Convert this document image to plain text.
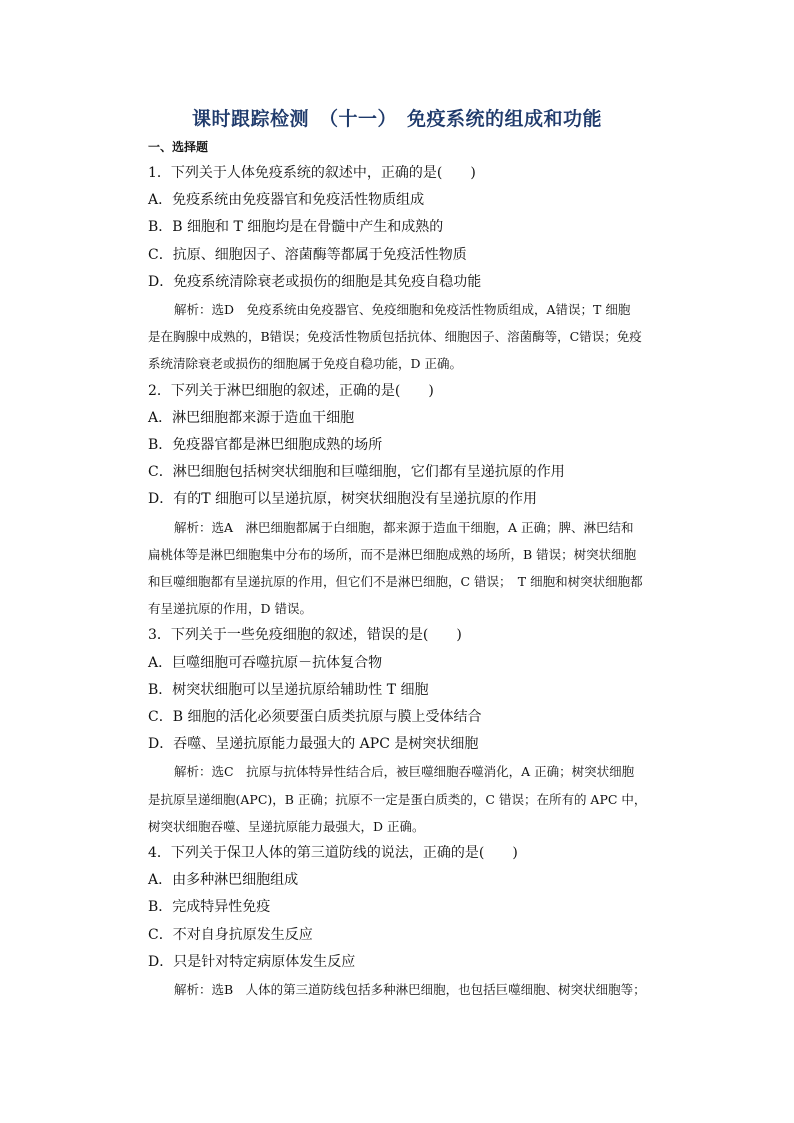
课时跟踪检测　（十一）　免疫系统的组成和功能
一、选择题
1．下列关于人体免疫系统的叙述中，正确的是(　　)
A．免疫系统由免疫器官和免疫活性物质组成
B．B 细胞和 T 细胞均是在骨髓中产生和成熟的
C．抗原、细胞因子、溶菌酶等都属于免疫活性物质
D．免疫系统清除衰老或损伤的细胞是其免疫自稳功能
解析：选D　免疫系统由免疫器官、免疫细胞和免疫活性物质组成，A错误；T 细胞
是在胸腺中成熟的，B错误；免疫活性物质包括抗体、细胞因子、溶菌酶等，C错误；免疫
系统清除衰老或损伤的细胞属于免疫自稳功能，D 正确。
2．下列关于淋巴细胞的叙述，正确的是(　　)
A．淋巴细胞都来源于造血干细胞
B．免疫器官都是淋巴细胞成熟的场所
C．淋巴细胞包括树突状细胞和巨噬细胞，它们都有呈递抗原的作用
D．有的T 细胞可以呈递抗原，树突状细胞没有呈递抗原的作用
解析：选A　淋巴细胞都属于白细胞，都来源于造血干细胞，A 正确；脾、淋巴结和
扁桃体等是淋巴细胞集中分布的场所，而不是淋巴细胞成熟的场所，B 错误；树突状细胞
和巨噬细胞都有呈递抗原的作用，但它们不是淋巴细胞，C 错误；　T 细胞和树突状细胞都
有呈递抗原的作用，D 错误。
3．下列关于一些免疫细胞的叙述，错误的是(　　)
A．巨噬细胞可吞噬抗原－抗体复合物
B．树突状细胞可以呈递抗原给辅助性 T 细胞
C．B 细胞的活化必须要蛋白质类抗原与膜上受体结合
D．吞噬、呈递抗原能力最强大的 APC 是树突状细胞
解析：选C　抗原与抗体特异性结合后，被巨噬细胞吞噬消化，A 正确；树突状细胞
是抗原呈递细胞(APC)，B 正确；抗原不一定是蛋白质类的，C 错误；在所有的 APC 中，
树突状细胞吞噬、呈递抗原能力最强大，D 正确。
4．下列关于保卫人体的第三道防线的说法，正确的是(　　)
A．由多种淋巴细胞组成
B．完成特异性免疫
C．不对自身抗原发生反应
D．只是针对特定病原体发生反应
解析：选B　人体的第三道防线包括多种淋巴细胞，也包括巨噬细胞、树突状细胞等；
